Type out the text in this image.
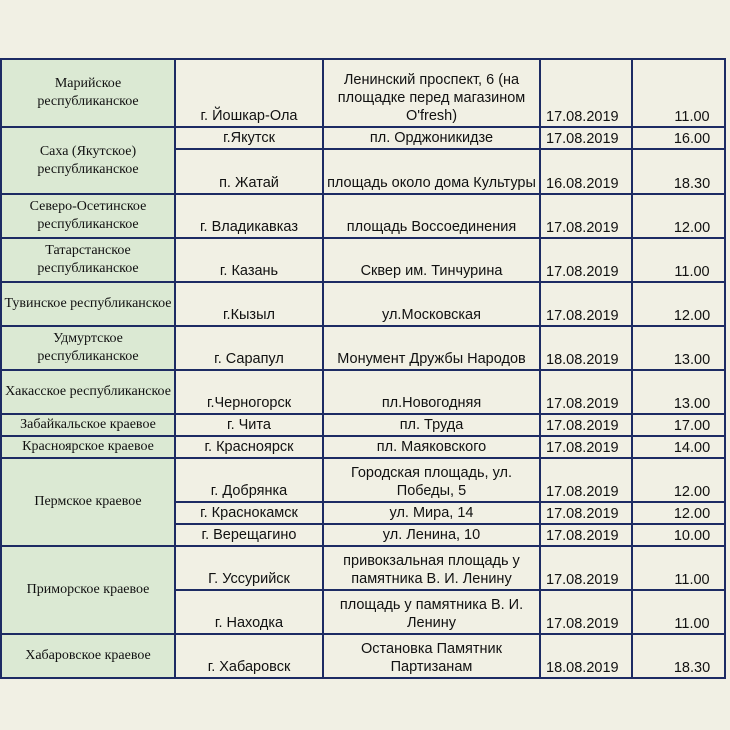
Марийское республиканское	г. Йошкар-Ола	Ленинский проспект, 6 (на площадке перед магазином O'fresh)	17.08.2019	11.00
Саха (Якутское) республиканское	г.Якутск	пл. Орджоникидзе	17.08.2019	16.00
	п. Жатай	площадь около дома Культуры	16.08.2019	18.30
Северо-Осетинское республиканское	г. Владикавказ	площадь Воссоединения	17.08.2019	12.00
Татарстанское республиканское	г. Казань	Сквер им. Тинчурина	17.08.2019	11.00
Тувинское республиканское	г.Кызыл	ул.Московская	17.08.2019	12.00
Удмуртское республиканское	г. Сарапул	Монумент Дружбы Народов	18.08.2019	13.00
Хакасское республиканское	г.Черногорск	пл.Новогодняя	17.08.2019	13.00
Забайкальское краевое	г. Чита	пл. Труда	17.08.2019	17.00
Красноярское краевое	г. Красноярск	пл. Маяковского	17.08.2019	14.00
Пермское краевое	г. Добрянка	Городская площадь, ул. Победы, 5	17.08.2019	12.00
	г. Краснокамск	ул. Мира, 14	17.08.2019	12.00
	г. Верещагино	ул. Ленина, 10	17.08.2019	10.00
Приморское краевое	Г. Уссурийск	привокзальная площадь у памятника В. И. Ленину	17.08.2019	11.00
	г. Находка	площадь у памятника В. И. Ленину	17.08.2019	11.00
Хабаровское краевое	г. Хабаровск	Остановка Памятник Партизанам	18.08.2019	18.30
